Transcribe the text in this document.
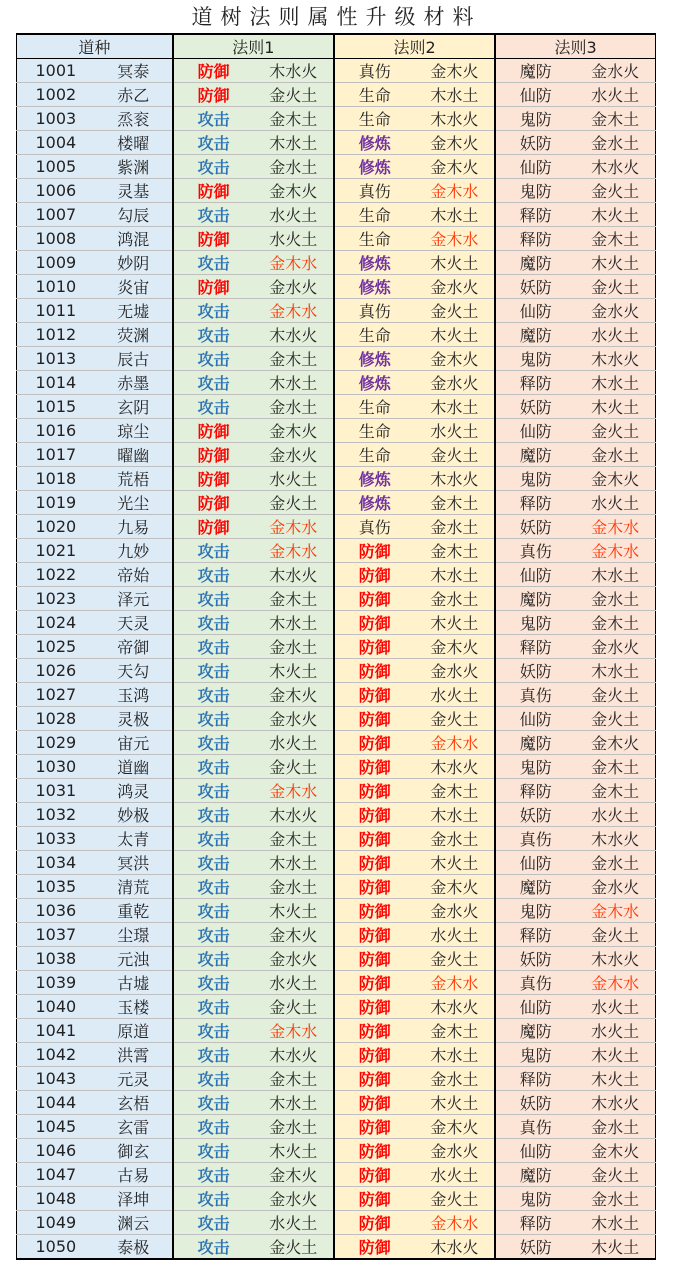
道树法则属性升级材料
道种		法则1		法则2		法则3	
1001	冥泰	防御	木水火	真伤	金木火	魔防	金水火
1002	赤乙	防御	金火土	生命	木水土	仙防	水火土
1003	烝衮	攻击	金木土	生命	木水火	鬼防	金木土
1004	楼曜	攻击	木水土	修炼	金木火	妖防	金水土
1005	紫渊	攻击	金水土	修炼	金木火	仙防	木水火
1006	灵基	防御	金木火	真伤	金木水	鬼防	金火土
1007	勾辰	攻击	水火土	生命	木水土	释防	木火土
1008	鸿混	防御	水火土	生命	金木水	释防	金木土
1009	妙阴	攻击	金木水	修炼	木火土	魔防	木火土
1010	炎宙	防御	金水火	修炼	金水火	妖防	金火土
1011	无墟	攻击	金木水	真伤	金火土	仙防	金水火
1012	荧渊	攻击	木水火	生命	木火土	魔防	水火土
1013	辰古	攻击	金木土	修炼	金木火	鬼防	木水火
1014	赤墨	攻击	木水土	修炼	金水火	释防	木水土
1015	玄阴	攻击	金水土	生命	木水土	妖防	木火土
1016	琼尘	防御	金木火	生命	水火土	仙防	金火土
1017	曜幽	防御	金水火	生命	金火土	魔防	金水土
1018	荒梧	防御	水火土	修炼	木水火	鬼防	金木火
1019	光尘	防御	金火土	修炼	金木土	释防	水火土
1020	九易	防御	金木水	真伤	金水土	妖防	金木水
1021	九妙	攻击	金木水	防御	金木土	真伤	金木水
1022	帝始	攻击	木水火	防御	木水土	仙防	木水土
1023	泽元	攻击	金木土	防御	金水土	魔防	金水土
1024	天灵	攻击	木水土	防御	木火土	鬼防	金木土
1025	帝御	攻击	金水土	防御	金木火	释防	金水火
1026	天勾	攻击	木火土	防御	金水火	妖防	木水土
1027	玉鸿	攻击	金木火	防御	水火土	真伤	金火土
1028	灵极	攻击	金水火	防御	金火土	仙防	金火土
1029	宙元	攻击	水火土	防御	金木水	魔防	金木火
1030	道幽	攻击	金火土	防御	木水火	鬼防	金木土
1031	鸿灵	攻击	金木水	防御	金木土	释防	金木土
1032	妙极	攻击	木水火	防御	木水土	妖防	水火土
1033	太青	攻击	金木土	防御	金水土	真伤	木水火
1034	冥洪	攻击	木水土	防御	木火土	仙防	金水土
1035	清荒	攻击	金水土	防御	金木火	魔防	金水火
1036	重乾	攻击	木火土	防御	金水火	鬼防	金木水
1037	尘璟	攻击	金木火	防御	水火土	释防	金火土
1038	元浊	攻击	金水火	防御	金火土	妖防	木水火
1039	古墟	攻击	水火土	防御	金木水	真伤	金木水
1040	玉楼	攻击	金火土	防御	木水火	仙防	水火土
1041	原道	攻击	金木水	防御	金木土	魔防	水火土
1042	洪霄	攻击	木水火	防御	木水土	鬼防	木火土
1043	元灵	攻击	金木土	防御	金水土	释防	木火土
1044	玄梧	攻击	木水土	防御	木火土	妖防	木水火
1045	玄雷	攻击	金水土	防御	金木火	真伤	金水土
1046	御玄	攻击	木火土	防御	金水火	仙防	金木火
1047	古易	攻击	金木火	防御	水火土	魔防	金火土
1048	泽坤	攻击	金水火	防御	金火土	鬼防	金水土
1049	渊云	攻击	水火土	防御	金木水	释防	木水土
1050	泰极	攻击	金火土	防御	木水火	妖防	木火土
